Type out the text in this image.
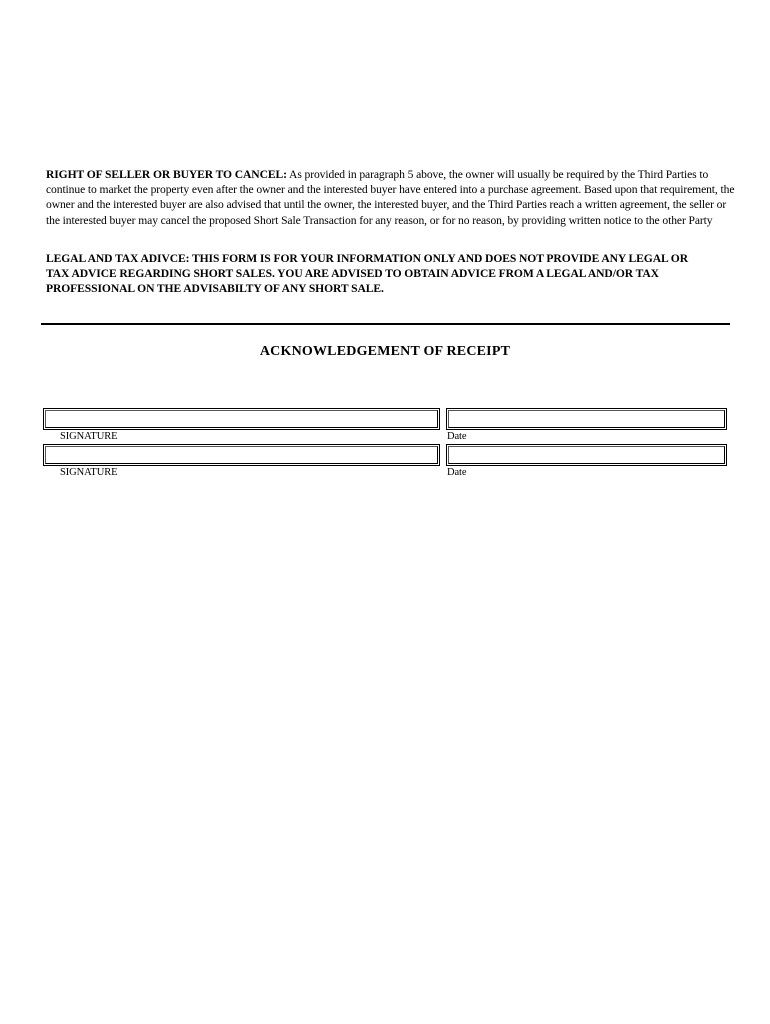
RIGHT OF SELLER OR BUYER TO CANCEL: As provided in paragraph 5 above, the owner will usually be required by the Third Parties to continue to market the property even after the owner and the interested buyer have entered into a purchase agreement. Based upon that requirement, the owner and the interested buyer are also advised that until the owner, the interested buyer, and the Third Parties reach a written agreement, the seller or the interested buyer may cancel the proposed Short Sale Transaction for any reason, or for no reason, by providing written notice to the other Party
LEGAL AND TAX ADIVCE: THIS FORM IS FOR YOUR INFORMATION ONLY AND DOES NOT PROVIDE ANY LEGAL OR TAX ADVICE REGARDING SHORT SALES. YOU ARE ADVISED TO OBTAIN ADVICE FROM A LEGAL AND/OR TAX PROFESSIONAL ON THE ADVISABILTY OF ANY SHORT SALE.
ACKNOWLEDGEMENT OF RECEIPT
SIGNATURE	Date
SIGNATURE	Date
